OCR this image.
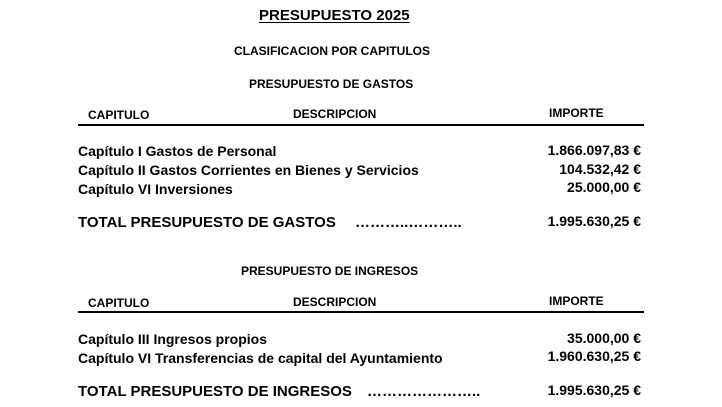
PRESUPUESTO 2025
CLASIFICACION POR CAPITULOS
PRESUPUESTO DE GASTOS
CAPITULO	DESCRIPCION	IMPORTE
Capítulo I Gastos de Personal	1.866.097,83 €
Capítulo II Gastos Corrientes en Bienes y Servicios	104.532,42 €
Capítulo VI Inversiones	25.000,00 €
TOTAL PRESUPUESTO DE GASTOS ………..………..	1.995.630,25 €
PRESUPUESTO DE INGRESOS
CAPITULO	DESCRIPCION	IMPORTE
Capítulo III Ingresos propios	35.000,00 €
Capítulo VI Transferencias de capital del Ayuntamiento	1.960.630,25 €
TOTAL PRESUPUESTO DE INGRESOS …………………..	1.995.630,25 €
